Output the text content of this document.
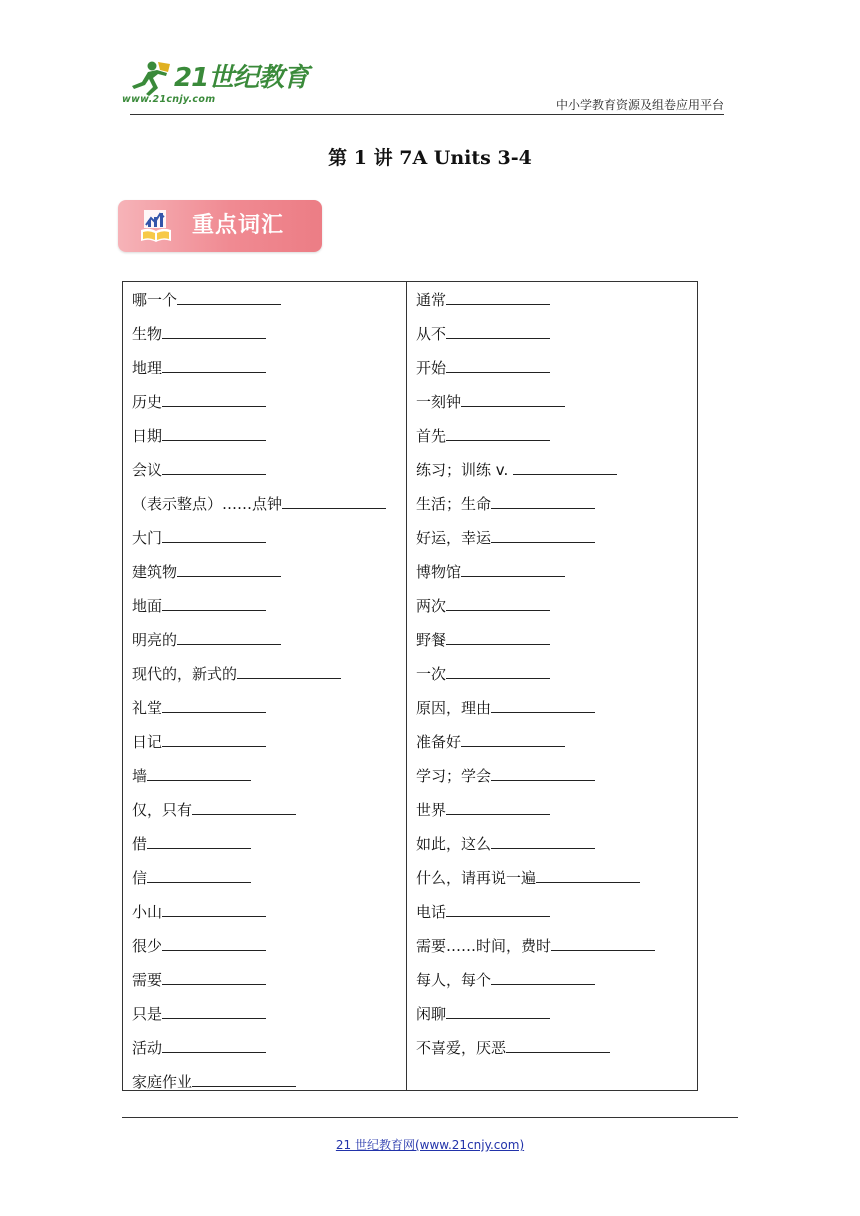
21世纪教育
www.21cnjy.com	中小学教育资源及组卷应用平台
第 1 讲 7A Units 3-4
重点词汇
哪一个
生物
地理
历史
日期
会议
（表示整点）……点钟
大门
建筑物
地面
明亮的
现代的，新式的
礼堂
日记
墙
仅，只有
借
信
小山
很少
需要
只是
活动
家庭作业
通常
从不
开始
一刻钟
首先
练习；训练 v.
生活；生命
好运，幸运
博物馆
两次
野餐
一次
原因，理由
准备好
学习；学会
世界
如此，这么
什么，请再说一遍
电话
需要……时间，费时
每人，每个
闲聊
不喜爱，厌恶
21 世纪教育网(www.21cnjy.com)
